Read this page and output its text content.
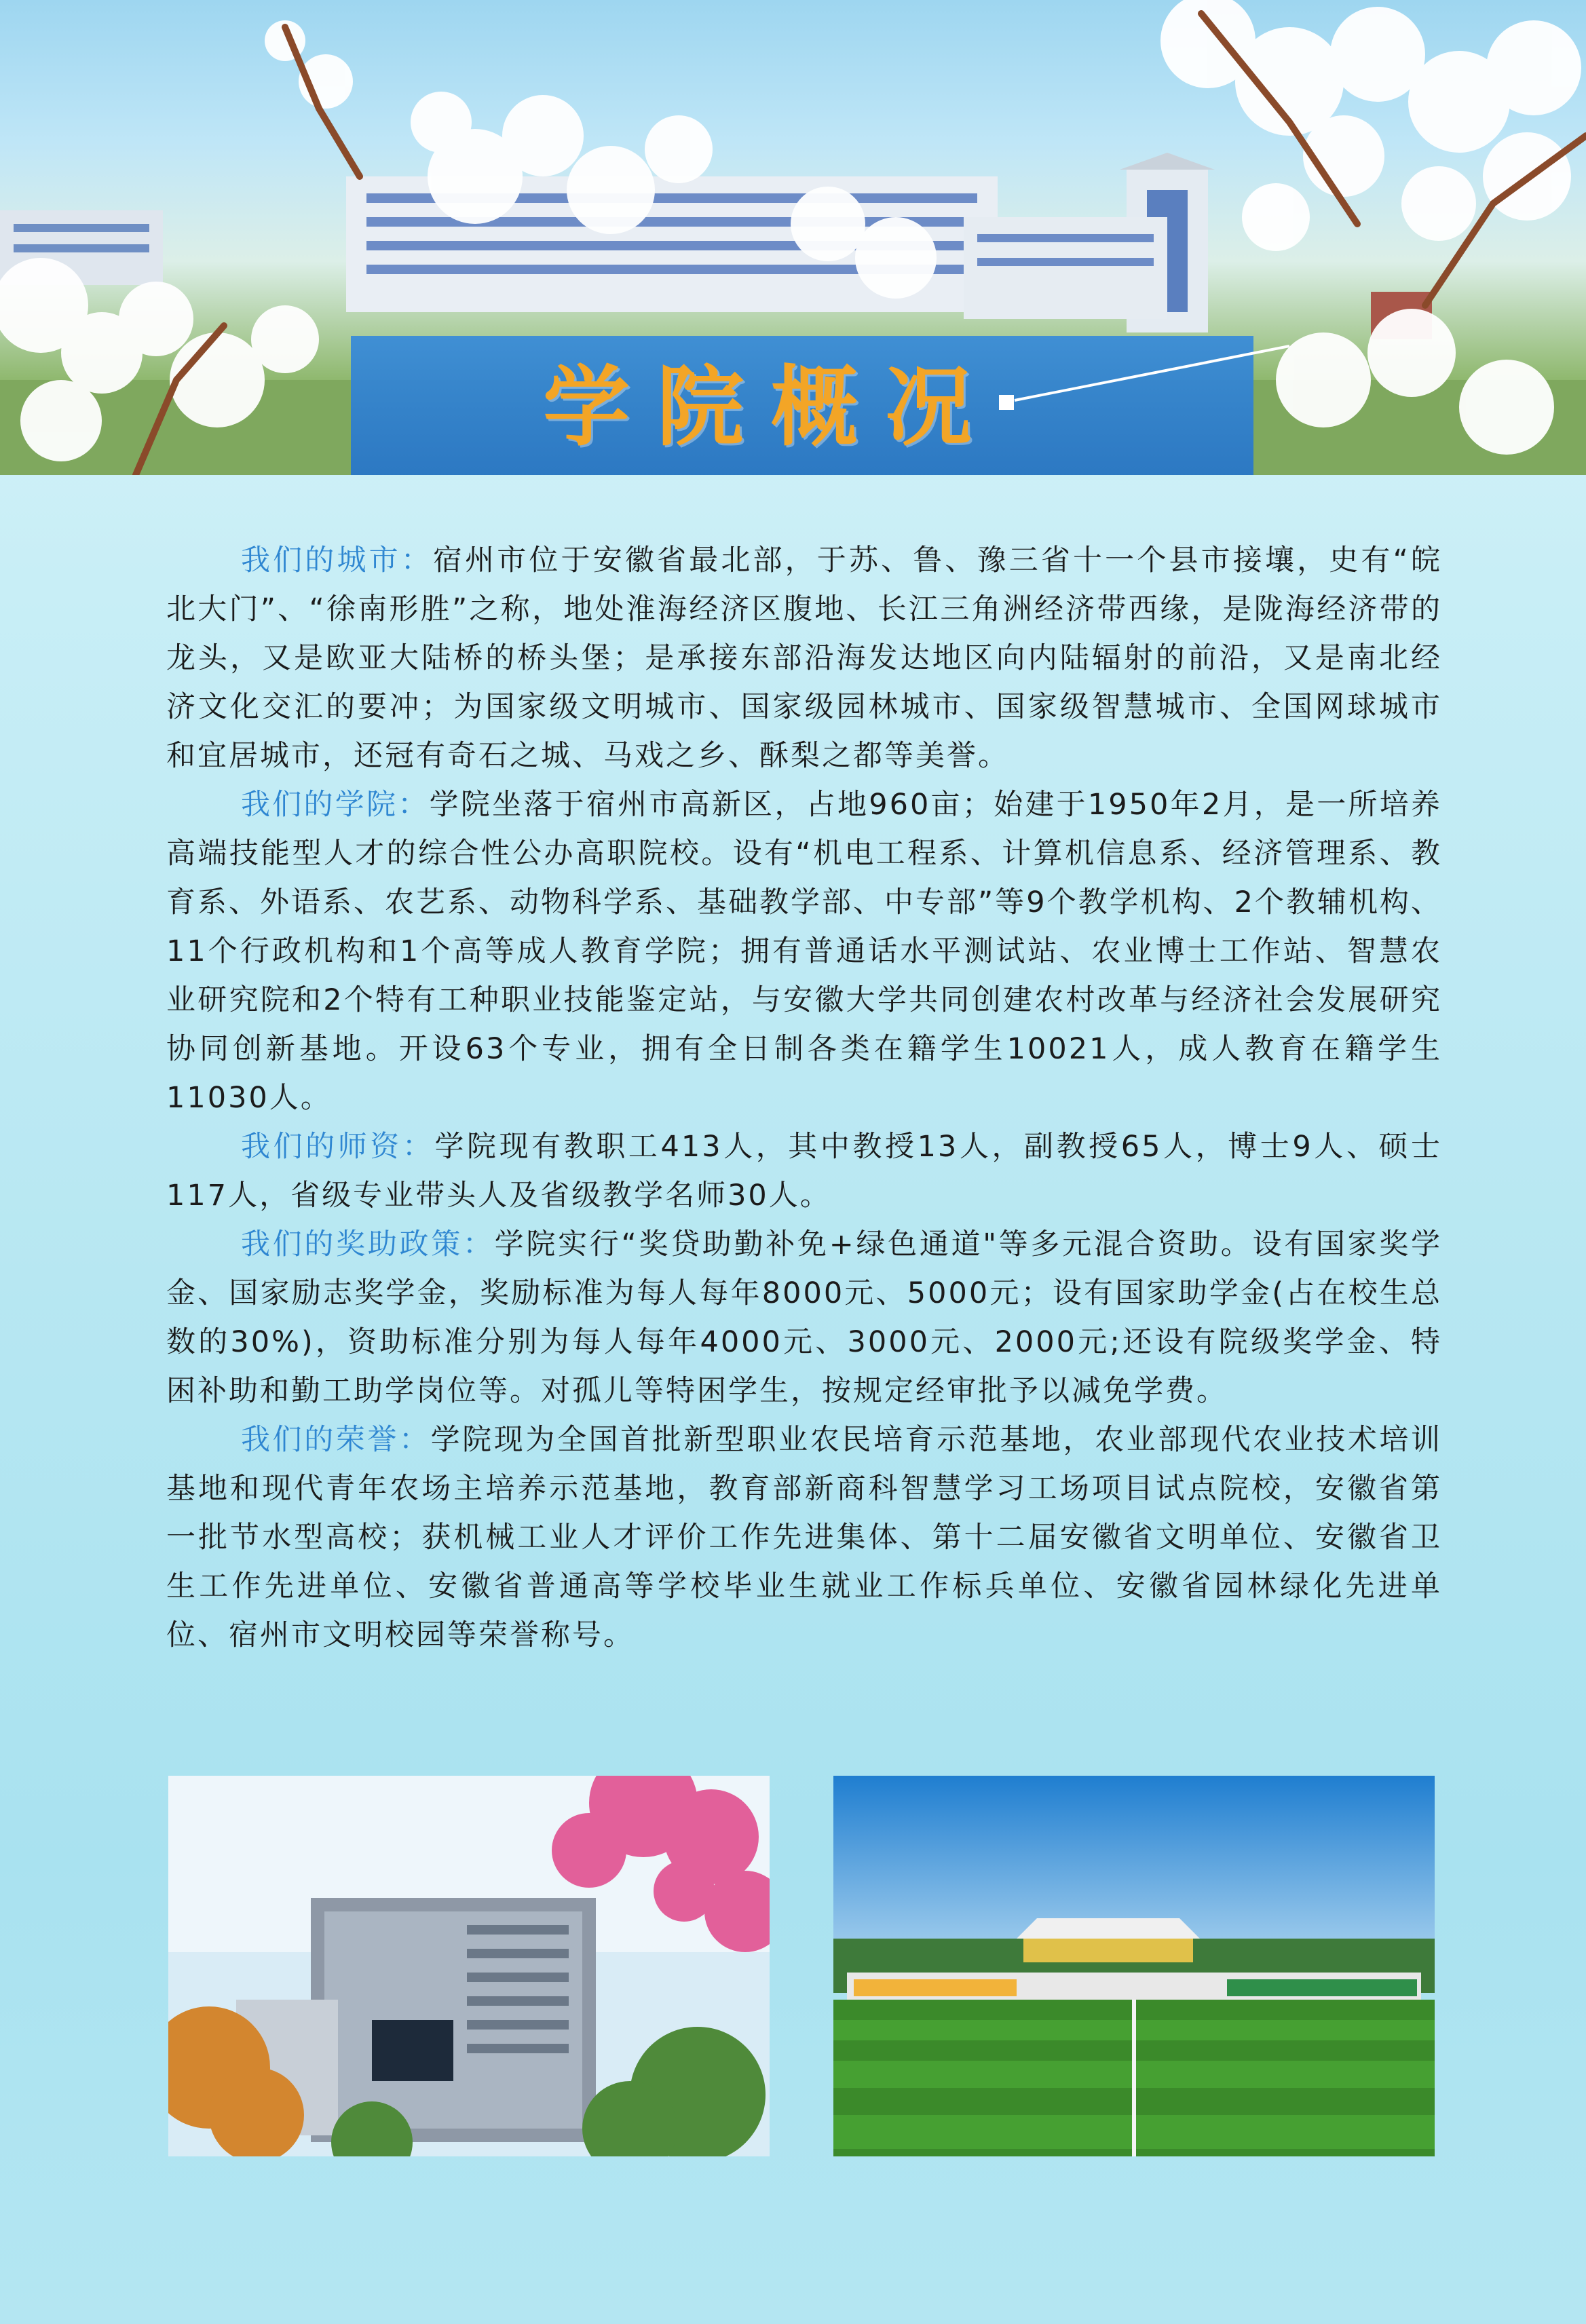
学院概况

我们的城市：宿州市位于安徽省最北部，于苏、鲁、豫三省十一个县市接壤，史有“皖北大门”、“徐南形胜”之称，地处淮海经济区腹地、长江三角洲经济带西缘，是陇海经济带的龙头，又是欧亚大陆桥的桥头堡；是承接东部沿海发达地区向内陆辐射的前沿，又是南北经济文化交汇的要冲；为国家级文明城市、国家级园林城市、国家级智慧城市、全国网球城市和宜居城市，还冠有奇石之城、马戏之乡、酥梨之都等美誉。

我们的学院：学院坐落于宿州市高新区，占地960亩；始建于1950年2月，是一所培养高端技能型人才的综合性公办高职院校。设有“机电工程系、计算机信息系、经济管理系、教育系、外语系、农艺系、动物科学系、基础教学部、中专部”等9个教学机构、2个教辅机构、11个行政机构和1个高等成人教育学院；拥有普通话水平测试站、农业博士工作站、智慧农业研究院和2个特有工种职业技能鉴定站，与安徽大学共同创建农村改革与经济社会发展研究协同创新基地。开设63个专业，拥有全日制各类在籍学生10021人，成人教育在籍学生11030人。

我们的师资：学院现有教职工413人，其中教授13人，副教授65人，博士9人、硕士117人，省级专业带头人及省级教学名师30人。

我们的奖助政策：学院实行“奖贷助勤补免+绿色通道"等多元混合资助。设有国家奖学金、国家励志奖学金，奖励标准为每人每年8000元、5000元；设有国家助学金(占在校生总数的30%)，资助标准分别为每人每年4000元、3000元、2000元;还设有院级奖学金、特困补助和勤工助学岗位等。对孤儿等特困学生，按规定经审批予以减免学费。

我们的荣誉：学院现为全国首批新型职业农民培育示范基地，农业部现代农业技术培训基地和现代青年农场主培养示范基地，教育部新商科智慧学习工场项目试点院校，安徽省第一批节水型高校；获机械工业人才评价工作先进集体、第十二届安徽省文明单位、安徽省卫生工作先进单位、安徽省普通高等学校毕业生就业工作标兵单位、安徽省园林绿化先进单位、宿州市文明校园等荣誉称号。
